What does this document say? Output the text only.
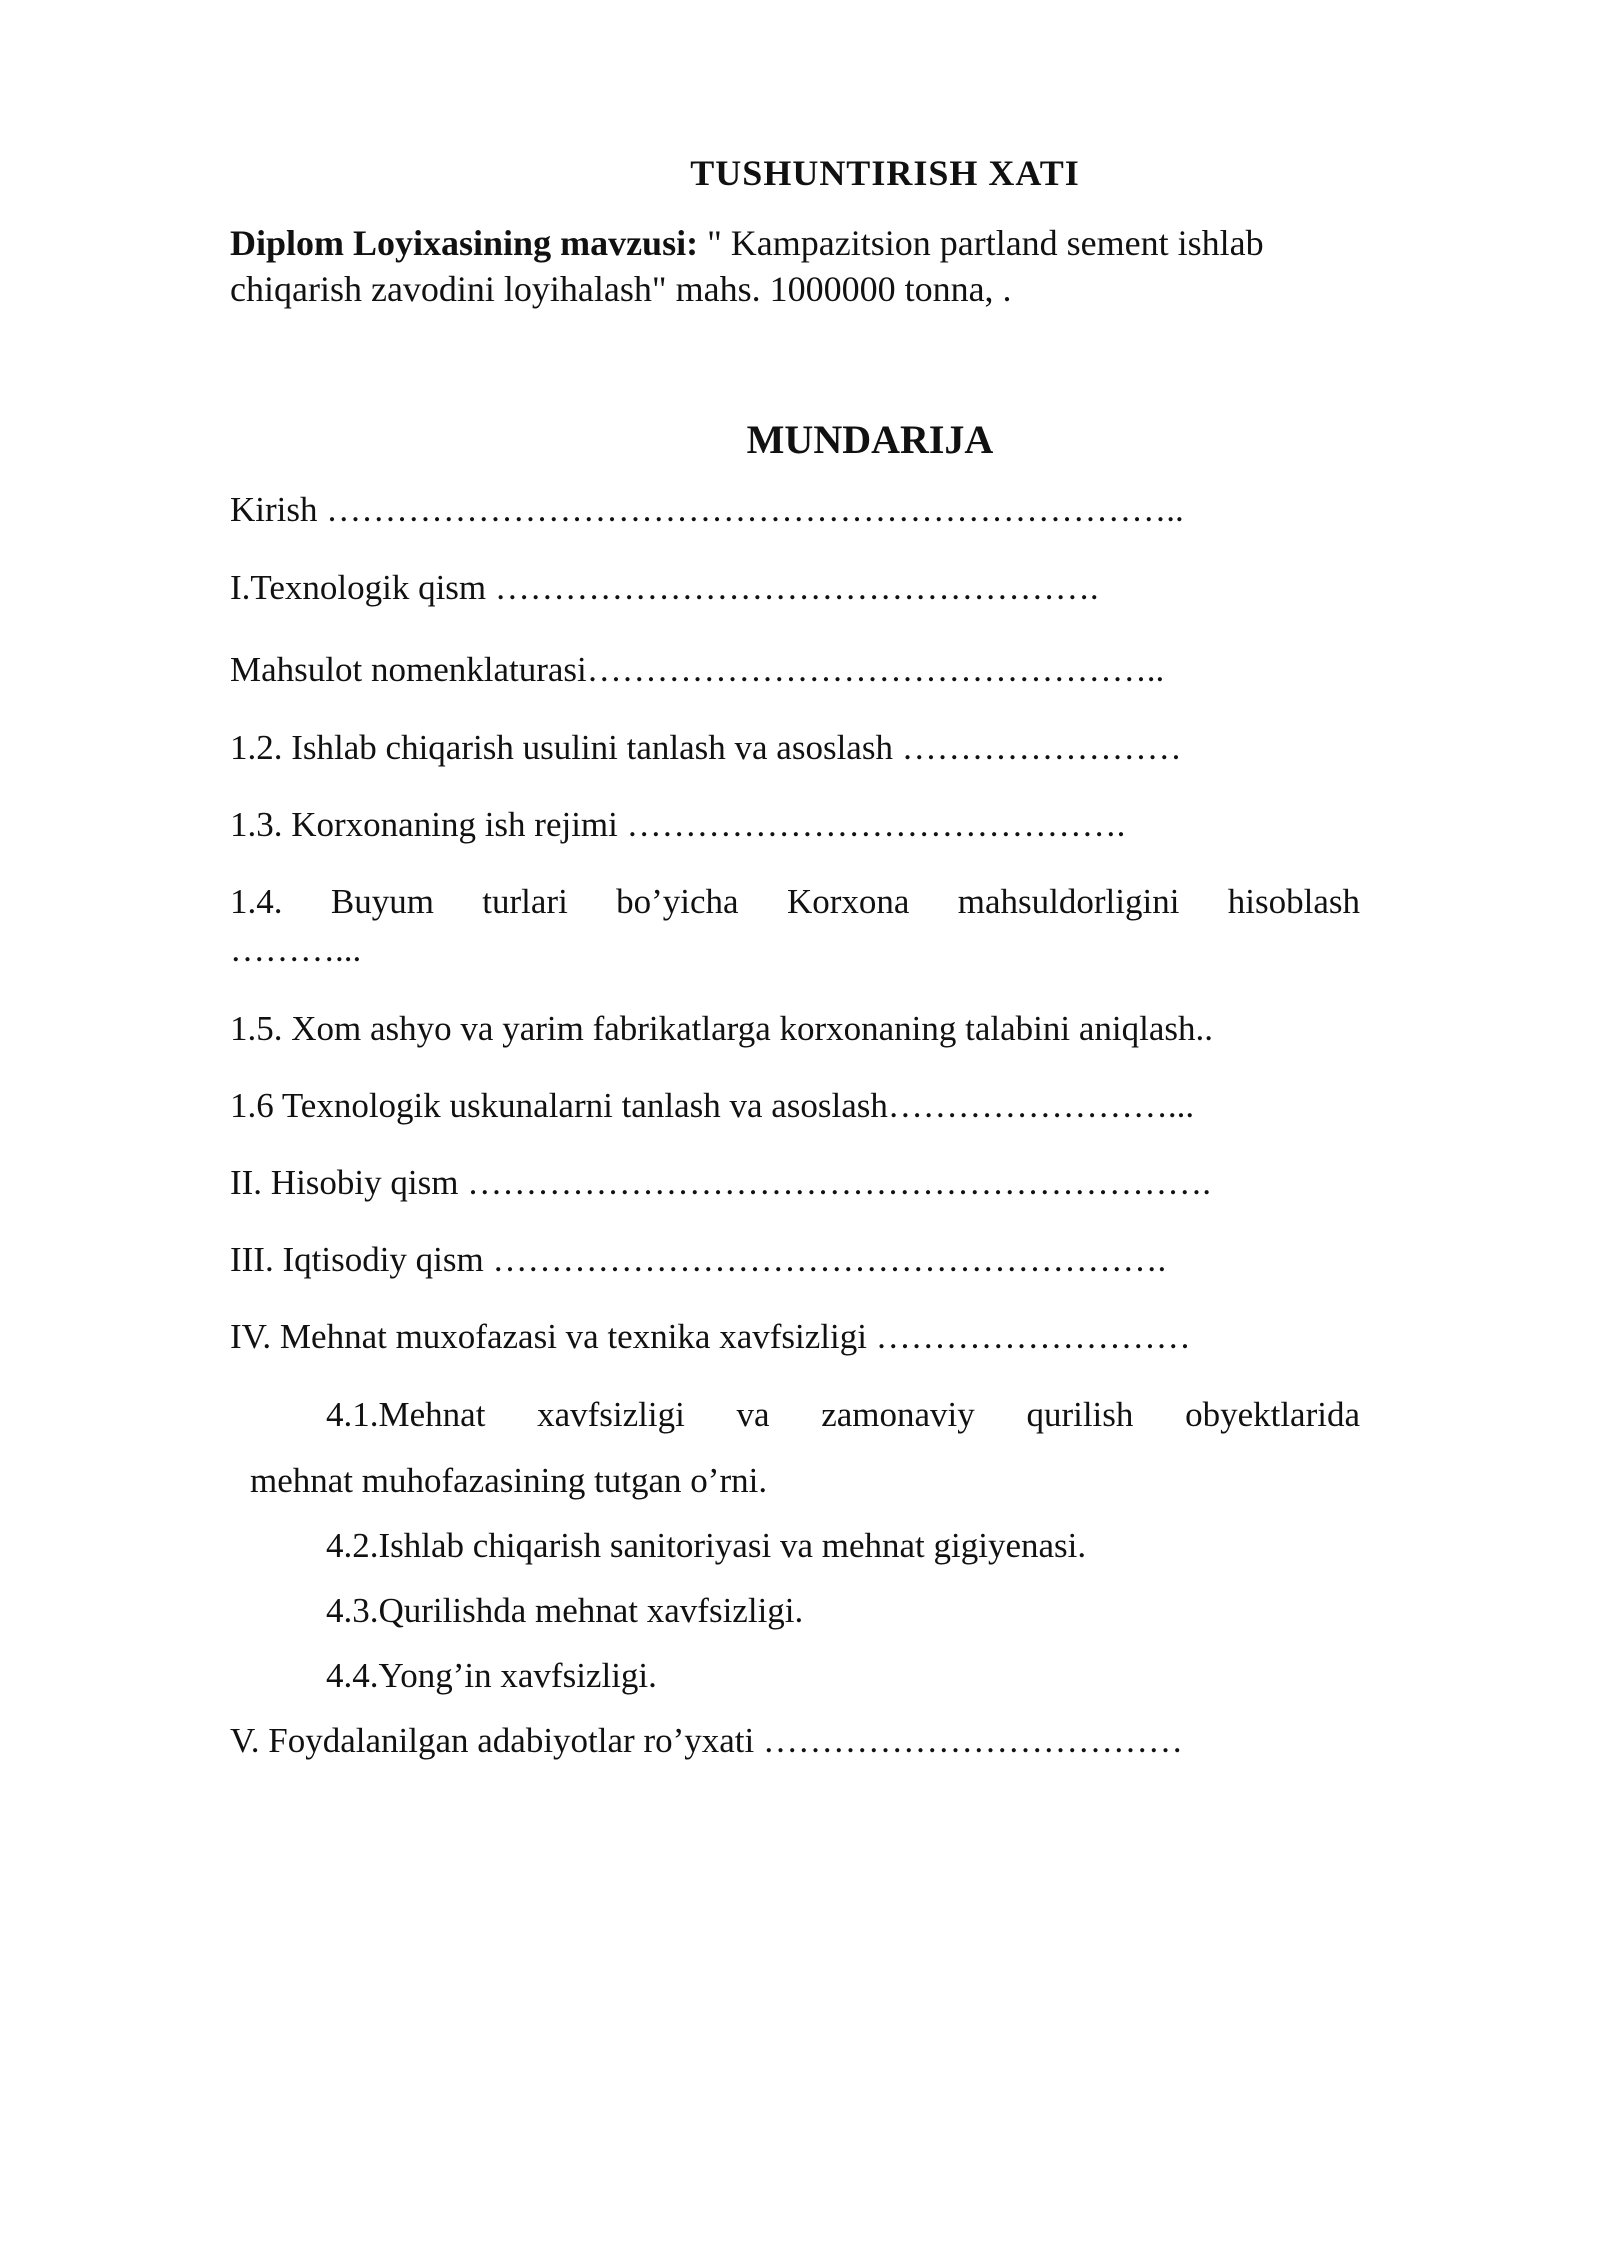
TUSHUNTIRISH XATI
Diplom Loyixasining mavzusi: " Kampazitsion partland sement ishlab chiqarish zavodini loyihalash" mahs. 1000000 tonna, .
MUNDARIJA
Kirish ………………………………………………………………..
I.Texnologik qism …………………………………………….
Mahsulot nomenklaturasi…………………………………………..
1.2. Ishlab chiqarish usulini tanlash va asoslash ……………………
1.3. Korxonaning ish rejimi …………………………………….
1.4. Buyum turlari bo’yicha Korxona mahsuldorligini hisoblash
………...
1.5. Xom ashyo va yarim fabrikatlarga korxonaning talabini aniqlash..
1.6 Texnologik uskunalarni tanlash va asoslash……………………...
II. Hisobiy qism ……………………………………………………….
III. Iqtisodiy qism ………………………………………………….
IV. Mehnat muxofazasi va texnika xavfsizligi ………………………
4.1.Mehnat xavfsizligi va zamonaviy qurilish obyektlarida
mehnat muhofazasining tutgan o’rni.
4.2.Ishlab chiqarish sanitoriyasi va mehnat gigiyenasi.
4.3.Qurilishda mehnat xavfsizligi.
4.4.Yong’in xavfsizligi.
V. Foydalanilgan adabiyotlar ro’yxati ………………………………
